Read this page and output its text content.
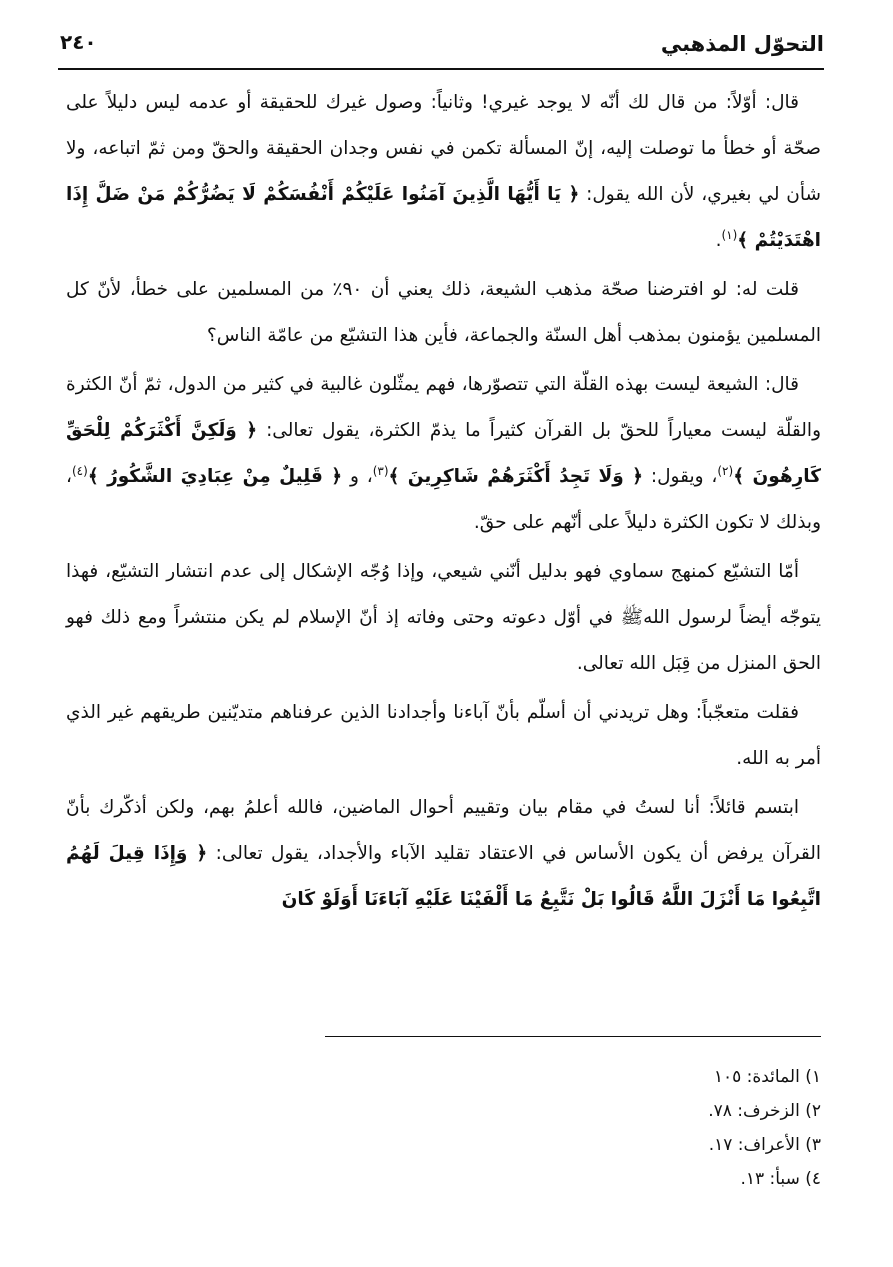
التحوّل المذهبي
٢٤٠

قال: أوّلاً: من قال لك أنّه لا يوجد غيري! وثانياً: وصول غيرك للحقيقة أو عدمه ليس دليلاً على صحّة أو خطأ ما توصلت إليه، إنّ المسألة تكمن في نفس وجدان الحقيقة والحقّ ومن ثمّ اتباعه، ولا شأن لي بغيري، لأن الله يقول: ﴿ يَا أَيُّهَا الَّذِينَ آمَنُوا عَلَيْكُمْ أَنْفُسَكُمْ لَا يَضُرُّكُمْ مَنْ ضَلَّ إِذَا اهْتَدَيْتُمْ ﴾$^{(١)}$.

قلت له: لو افترضنا صحّة مذهب الشيعة، ذلك يعني أن ٩٠٪ من المسلمين على خطأ، لأنّ كل المسلمين يؤمنون بمذهب أهل السنّة والجماعة، فأين هذا التشيّع من عامّة الناس؟

قال: الشيعة ليست بهذه القلّة التي تتصوّرها، فهم يمثّلون غالبية في كثير من الدول، ثمّ أنّ الكثرة والقلّة ليست معياراً للحقّ بل القرآن كثيراً ما يذمّ الكثرة، يقول تعالى: ﴿ وَلَكِنَّ أَكْثَرَكُمْ لِلْحَقِّ كَارِهُونَ ﴾$^{(٢)}$، ويقول: ﴿ وَلَا تَجِدُ أَكْثَرَهُمْ شَاكِرِينَ ﴾$^{(٣)}$، و ﴿ قَلِيلٌ مِنْ عِبَادِيَ الشَّكُورُ ﴾$^{(٤)}$، وبذلك لا تكون الكثرة دليلاً على أنّهم على حقّ.

أمّا التشيّع كمنهج سماوي فهو بدليل أنّني شيعي، وإذا وُجّه الإشكال إلى عدم انتشار التشيّع، فهذا يتوجّه أيضاً لرسول اللهﷺ في أوّل دعوته وحتى وفاته إذ أنّ الإسلام لم يكن منتشراً ومع ذلك فهو الحق المنزل من قِبَل الله تعالى.

فقلت متعجّباً: وهل تريدني أن أسلّم بأنّ آباءنا وأجدادنا الذين عرفناهم متديّنين طريقهم غير الذي أمر به الله.

ابتسم قائلاً: أنا لستُ في مقام بيان وتقييم أحوال الماضين، فالله أعلمُ بهم، ولكن أذكّرك بأنّ القرآن يرفض أن يكون الأساس في الاعتقاد تقليد الآباء والأجداد، يقول تعالى: ﴿ وَإِذَا قِيلَ لَهُمُ اتَّبِعُوا مَا أَنْزَلَ اللَّهُ قَالُوا بَلْ نَتَّبِعُ مَا أَلْفَيْنَا عَلَيْهِ آبَاءَنَا أَوَلَوْ كَانَ

١) المائدة: ١٠٥
٢) الزخرف: ٧٨.
٣) الأعراف: ١٧.
٤) سبأ: ١٣.
